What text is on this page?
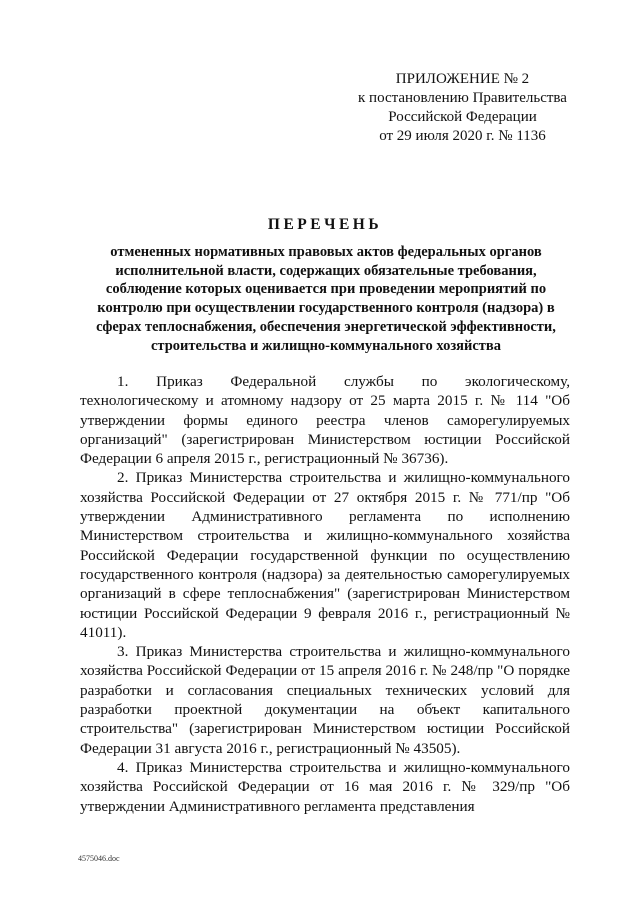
ПРИЛОЖЕНИЕ № 2
к постановлению Правительства
Российской Федерации
от 29 июля 2020 г. № 1136
ПЕРЕЧЕНЬ
отмененных нормативных правовых актов федеральных органов исполнительной власти, содержащих обязательные требования, соблюдение которых оценивается при проведении мероприятий по контролю при осуществлении государственного контроля (надзора) в сферах теплоснабжения, обеспечения энергетической эффективности, строительства и жилищно-коммунального хозяйства

1. Приказ Федеральной службы по экологическому, технологическому и атомному надзору от 25 марта 2015 г. № 114 "Об утверждении формы единого реестра членов саморегулируемых организаций" (зарегистрирован Министерством юстиции Российской Федерации 6 апреля 2015 г., регистрационный № 36736).

2. Приказ Министерства строительства и жилищно-коммунального хозяйства Российской Федерации от 27 октября 2015 г. № 771/пр "Об утверждении Административного регламента по исполнению Министерством строительства и жилищно-коммунального хозяйства Российской Федерации государственной функции по осуществлению государственного контроля (надзора) за деятельностью саморегулируемых организаций в сфере теплоснабжения" (зарегистрирован Министерством юстиции Российской Федерации 9 февраля 2016 г., регистрационный № 41011).

3. Приказ Министерства строительства и жилищно-коммунального хозяйства Российской Федерации от 15 апреля 2016 г. № 248/пр "О порядке разработки и согласования специальных технических условий для разработки проектной документации на объект капитального строительства" (зарегистрирован Министерством юстиции Российской Федерации 31 августа 2016 г., регистрационный № 43505).

4. Приказ Министерства строительства и жилищно-коммунального хозяйства Российской Федерации от 16 мая 2016 г. № 329/пр "Об утверждении Административного регламента представления

4575046.doc
